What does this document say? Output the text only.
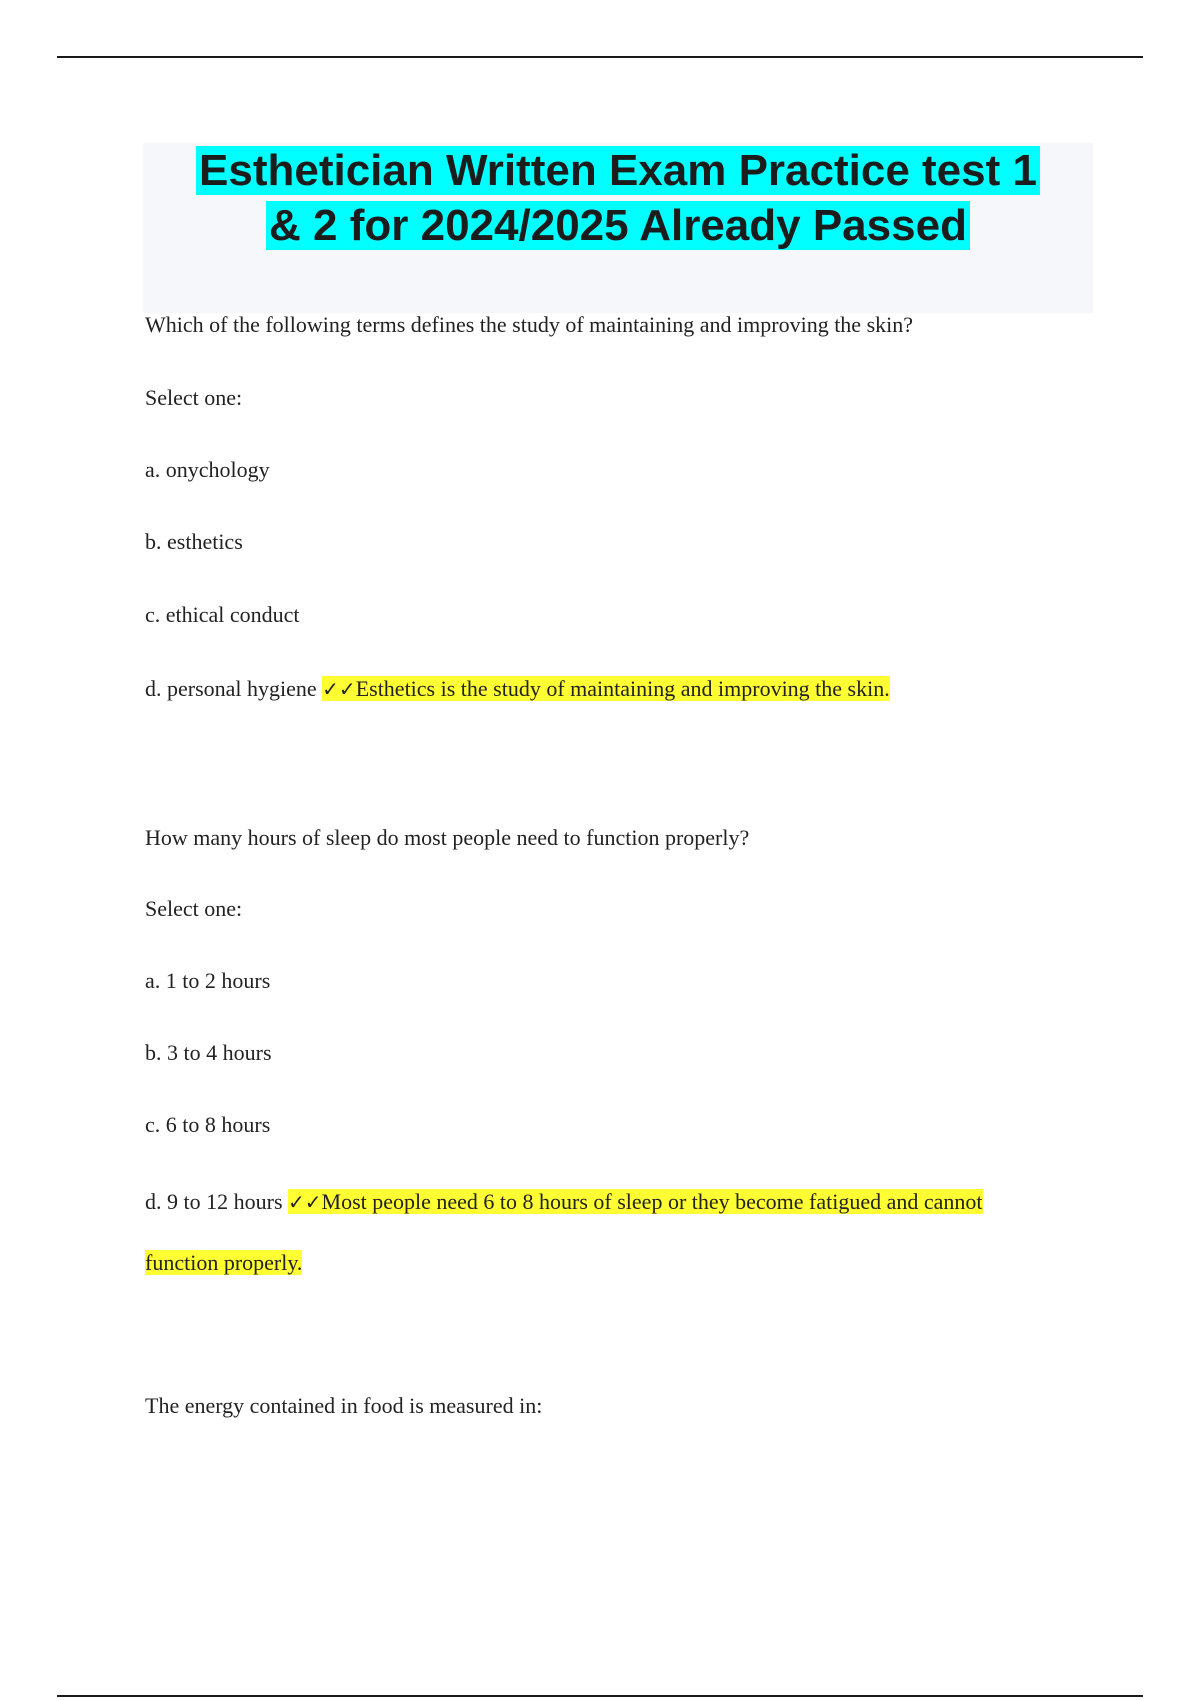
Esthetician Written Exam Practice test 1
& 2 for 2024/2025 Already Passed

Which of the following terms defines the study of maintaining and improving the skin?

Select one:

a. onychology

b. esthetics

c. ethical conduct

d. personal hygiene ✓✓Esthetics is the study of maintaining and improving the skin.

How many hours of sleep do most people need to function properly?

Select one:

a. 1 to 2 hours

b. 3 to 4 hours

c. 6 to 8 hours

d. 9 to 12 hours ✓✓Most people need 6 to 8 hours of sleep or they become fatigued and cannot

function properly.

The energy contained in food is measured in:
